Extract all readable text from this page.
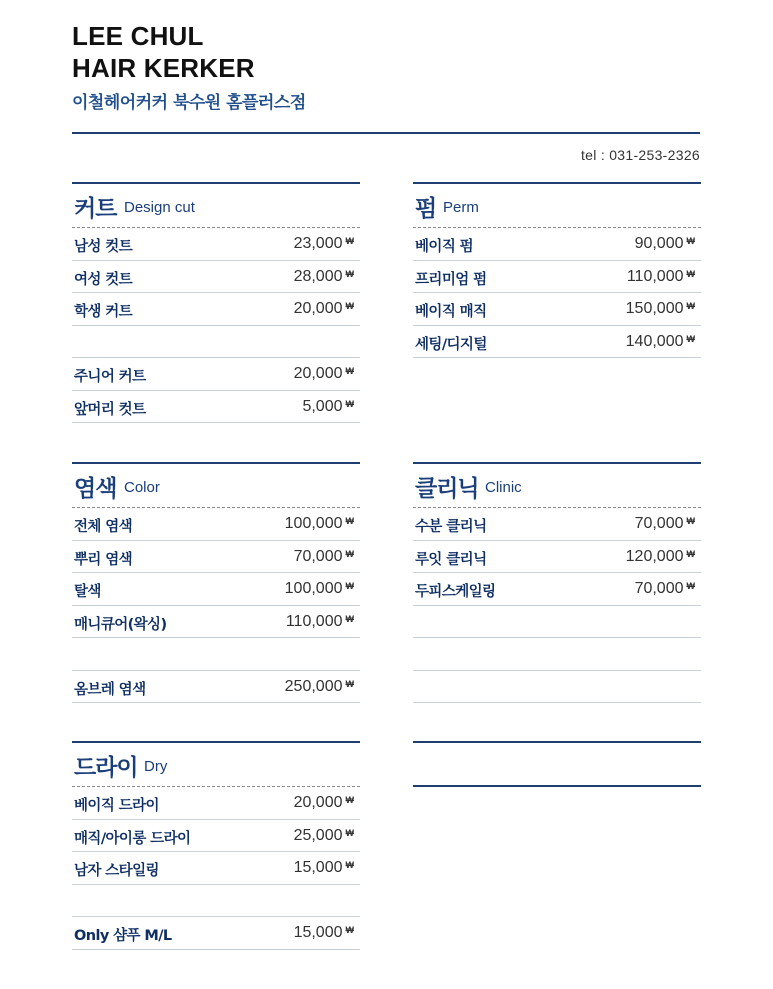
LEE CHUL
HAIR KERKER
이철헤어커커 북수원 홈플러스점
tel : 031-253-2326
커트 Design cut
남성 컷트	23,000 ₩
여성 컷트	28,000 ₩
학생 커트	20,000 ₩
주니어 커트	20,000 ₩
앞머리 컷트	5,000 ₩
펌 Perm
베이직 펌	90,000 ₩
프리미엄 펌	110,000 ₩
베이직 매직	150,000 ₩
세팅/디지털	140,000 ₩
염색 Color
전체 염색	100,000 ₩
뿌리 염색	70,000 ₩
탈색	100,000 ₩
매니큐어(왁싱)	110,000 ₩
옴브레 염색	250,000 ₩
클리닉 Clinic
수분 클리닉	70,000 ₩
루잇 클리닉	120,000 ₩
두피스케일링	70,000 ₩
드라이 Dry
베이직 드라이	20,000 ₩
매직/아이롱 드라이	25,000 ₩
남자 스타일링	15,000 ₩
Only 샴푸 M/L	15,000 ₩
